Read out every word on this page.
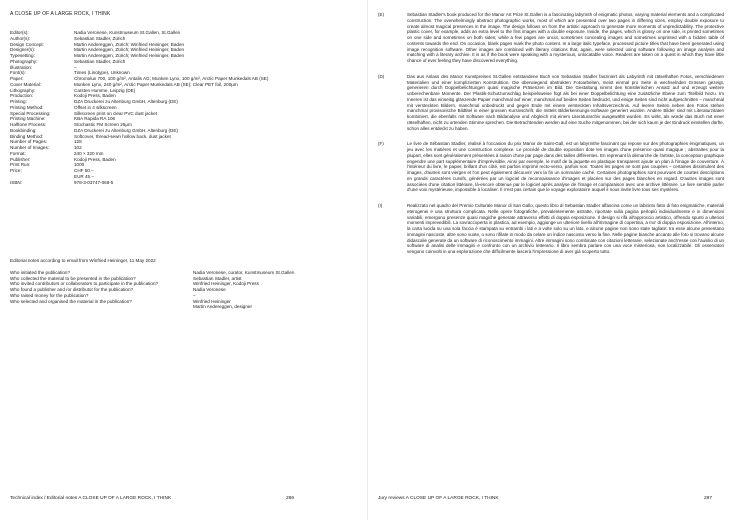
A CLOSE UP OF A LARGE ROCK, I THINK
Editor(s):	Nadia Veronese, Kunstmuseum St.Gallen, St.Gallen
Author(s):	Sebastian Stadler, Zürich
Design Concept:	Martin Andereggen, Zürich; Winfried Heininger, Baden
Designer(s):	Martin Andereggen, Zürich; Winfried Heininger, Baden
Typesetting:	Martin Andereggen, Zürich; Winfried Heininger, Baden
Photography:	Sebastian Stadler, Zürich
Illustration:	–
Font(s):	Times (Linotype), Unknown
Paper:	Chromolux 700, 100 g/m², Antalis AG; Munken Lynx, 100 g/m², Arctic Paper Munkedals AB (SE)
Cover Material:	Munken Lynx, 240 g/m², Arctic Paper Munkedals AB (SE); Clear PET foil, 200μm
Lithography:	Carsten Humme, Leipzig (DE)
Production:	Kodoji Press, Baden
Printing:	DZA Druckerei zu Altenburg GmbH, Altenburg (DE)
Printing Method:	Offset in 4 silkscreen
Special Processing:	Silkscreen print on clear PVC dust jacket
Printing Machine:	KBA Rapida RA 106
Halftone Process:	Stochastic FM Screen 25μm
Bookbinding:	DZA Druckerei zu Altenburg GmbH, Altenburg (DE)
Binding Method:	Softcover, thread-sewn hollow back, dust jacket
Number of Pages:	128
Number of Images:	102
Format:	240 × 320 mm
Publisher:	Kodoji Press, Baden
Print Run:	1000
Price:	CHF 50.–
EUR 45.–
ISBN:	978-3-03747-068-5
Editorial notes according to email from Winfried Heininger, 11 May 2022
Who initiated the publication?	Nadia Veronese, curator, Kunstmuseum St.Gallen
Who collected the material to be presented in the publication?	Sebastian Stadler, artist
Who invited contributors or collaborators to participate in the publication?	Winfried Heininger, Kodoji Press
Who found a publisher and /or distributor for the publication?	Nadia Veronese
Who raised money for the publication?	–
Who selected and organised the material in the publication?	Winfried Heininger
Martin Andereggen, designer
Technical index / Editorial notes A CLOSE UP OF A LARGE ROCK, I THINK	286
(E)	Sebastian Stadler's book produced for the Manor Art Prize St.Gallen is a fascinating labyrinth of enigmatic photos, varying material elements and a complicated construction. The overwhelmingly abstract photographic works, most of which are presented over two pages in differing sizes, employ double exposure to create almost magical presences in the image. The design follows on from the artistic approach to generate more moments of unpredictability. The protective plastic cover, for example, adds an extra level to the first images with a double exposure. Inside, the pages, which is glossy on one side, is printed sometimes on one side and sometimes on both sides; while a few pages are uncut, sometimes concealing images and sometimes unprinted with a hidden table of contents towards the end. On occasion, blank pages mark the photo content. In a large italic typeface, processed picture titles that have been generated using image recognition software. Other images are combined with literary citations that, again, were selected using software following an image analysis and matching with a literary archive. It is as if the book were speaking with a mysterious, unlocatable voice. Readers are taken on a quest in which they have little chance of ever feeling they have discovered everything.
(D)	Das aus Anlass des Manor Kunstpreises St.Gallen entstandene Buch von Sebastian Stadler fasziniert als Labyrinth mit rätselhaften Fotos, verschiedenen Materialien und einer komplizierten Konstruktion. Die überwiegend abstrakten Fotoarbeiten, meist einmal pro Seite in wechselnden Grössen gezeigt, generieren durch Doppelbelichtungen quasi magische Präsenzen im Bild. Die Gestaltung nimmt den künstlerischen Ansatz auf und erzeugt weitere unberechenbare Momente. Der Plastik-Schutzumschlag beispielsweise fügt als bei einer Doppelbelichtung eine zusätzliche Ebene zum Titelbild hinzu. Im Inneren ist das einseitig glänzende Papier manchmal auf einer, manchmal auf beiden Seiten bedruckt, und einige Seiten sind nicht aufgeschnitten – manchmal mit versteckten Bildern, manchmal unbedruckt und gegen Ende mit einem versteckten Inhaltsverzeichnis. Auf leeren Seiten neben den Fotos stehen manchmal provisorische Bildtitel in einer grossen Kursivschrift, die mittels Bilderkennungs-Software generiert wurden. Andere Bilder sind mit Literaturzitaten kombiniert, die ebenfalls mit Software nach Bildanalyse und Abgleich mit einem Literaturarchiv ausgewählt wurden. Es wirkt, als würde das Buch mit einer rätselhaften, nicht zu ortenden Stimme sprechen. Die Betrachtenden werden auf eine Suche mitgenommen, bei der sich kaum je der Eindruck einstellen dürfte, schon alles entdeckt zu haben.
(F)	Le livre de Sébastian Stadler, réalisé à l'occasion du prix Manor de Saint-Gall, est un labyrinthe fascinant qui repose sur des photographies énigmatiques, un jeu avec les matières et une construction complexe. Le procédé de double exposition dote les images d'une présence quasi magique ; abstraites pour la plupart, elles sont généralement présentées à raison d'une par page dans des tailles différentes. En reprenant la démarche de l'artiste, la conception graphique engendre une part supplémentaire d'imprévisible. Ainsi par exemple, le motif de la jaquette en plastique transparent ajoute un plan à l'image de couverture. À l'intérieur du livre, le papier, brillant d'un côté, est parfois imprimé recto-verso, parfois non. Toutes les pages ne sont pas coupées – certaines dissimulent des images, d'autres sont vierges et l'on peut également découvrir vers la fin un sommaire caché. Certaines photographies sont pourvues de courtes descriptions en grands caractères cursifs, générées par un logiciel de reconnaissance d'images et placées sur des pages blanches en regard. D'autres images sont associées d'une citation littéraire, là-encore obtenue par le logiciel après analyse de l'image et comparaison avec une archive littéraire. Le livre semble parler d'une voix mystérieuse, impossible à localiser. Il n'est pas certain que le voyage exploratoire auquel il nous invite livre tous ses mystères.
(I)	Realizzato nel quadro del Premio Culturale Manor di San Gallo, questo libro di Sebastian Stadler affascina come un labirinto fatto di foto enigmatiche, materiali eterogenei e una struttura complicata. Nelle opere fotografiche, prevalentemente astratte, riportate sulla pagina perlopiù individualmente e in dimensioni variabili, emergono presenze quasi magiche generate attraverso effetti di doppia esposizione. Il design si rifà all'approccio artistico, offrendo spunti a ulteriori momenti imprevedibili. La sovraccoperta in plastica, ad esempio, aggiunge un ulteriore livello all'immagine di copertina, a mo' di doppia esposizione. All'interno, la carta lucida su una sola faccia è stampata su entrambi i lati e a volte solo su un lato, e alcune pagine non sono state tagliate: tra esse alcune presentano immagini nascoste, altre sono vuote, o sono rifilate in modo da celare un indice nascosto verso la fine. Nelle pagine bianche accanto alle foto si trovano alcune didascalie generate da un software di riconoscimento immagini. Altre immagini sono combinate con citazioni letterarie, selezionate anch'esse con l'ausilio di un software di analisi delle immagini e confronto con un archivio letterario. Il libro sembra parlare con una voce misteriosa, non localizzabile. Gli osservatori vengono coinvolti in una esplorazione che difficilmente lascerà l'impressione di aver già scoperto tutto.
Jury reviews A CLOSE UP OF A LARGE ROCK, I THINK	287
